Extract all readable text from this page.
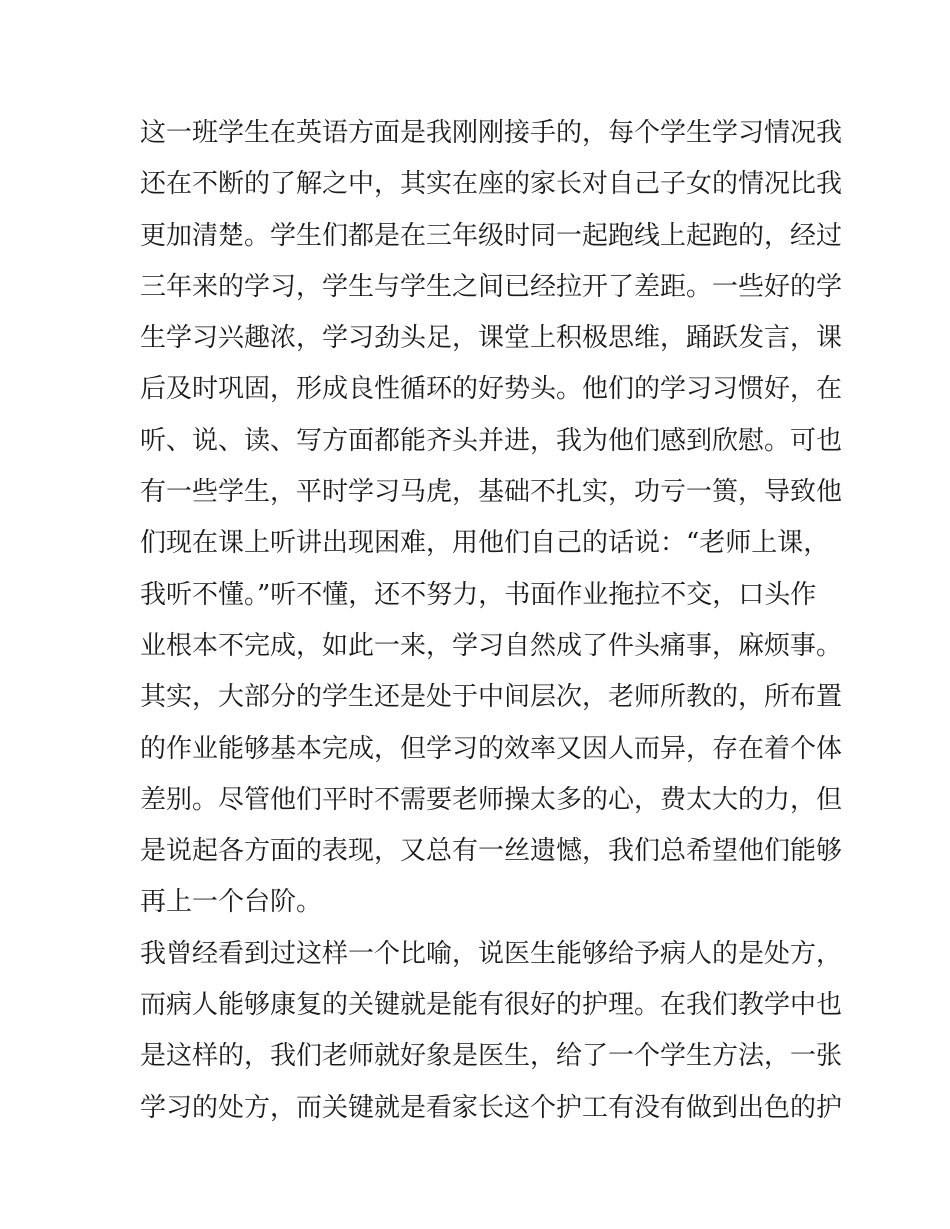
这一班学生在英语方面是我刚刚接手的，每个学生学习情况我
还在不断的了解之中，其实在座的家长对自己子女的情况比我
更加清楚。学生们都是在三年级时同一起跑线上起跑的，经过
三年来的学习，学生与学生之间已经拉开了差距。一些好的学
生学习兴趣浓，学习劲头足，课堂上积极思维，踊跃发言，课
后及时巩固，形成良性循环的好势头。他们的学习习惯好，在
听、说、读、写方面都能齐头并进，我为他们感到欣慰。可也
有一些学生，平时学习马虎，基础不扎实，功亏一篑，导致他
们现在课上听讲出现困难，用他们自己的话说：“老师上课，
我听不懂。”听不懂，还不努力，书面作业拖拉不交，口头作
业根本不完成，如此一来，学习自然成了件头痛事，麻烦事。
其实，大部分的学生还是处于中间层次，老师所教的，所布置
的作业能够基本完成，但学习的效率又因人而异，存在着个体
差别。尽管他们平时不需要老师操太多的心，费太大的力，但
是说起各方面的表现，又总有一丝遗憾，我们总希望他们能够
再上一个台阶。
我曾经看到过这样一个比喻，说医生能够给予病人的是处方，
而病人能够康复的关键就是能有很好的护理。在我们教学中也
是这样的，我们老师就好象是医生，给了一个学生方法，一张
学习的处方，而关键就是看家长这个护工有没有做到出色的护
